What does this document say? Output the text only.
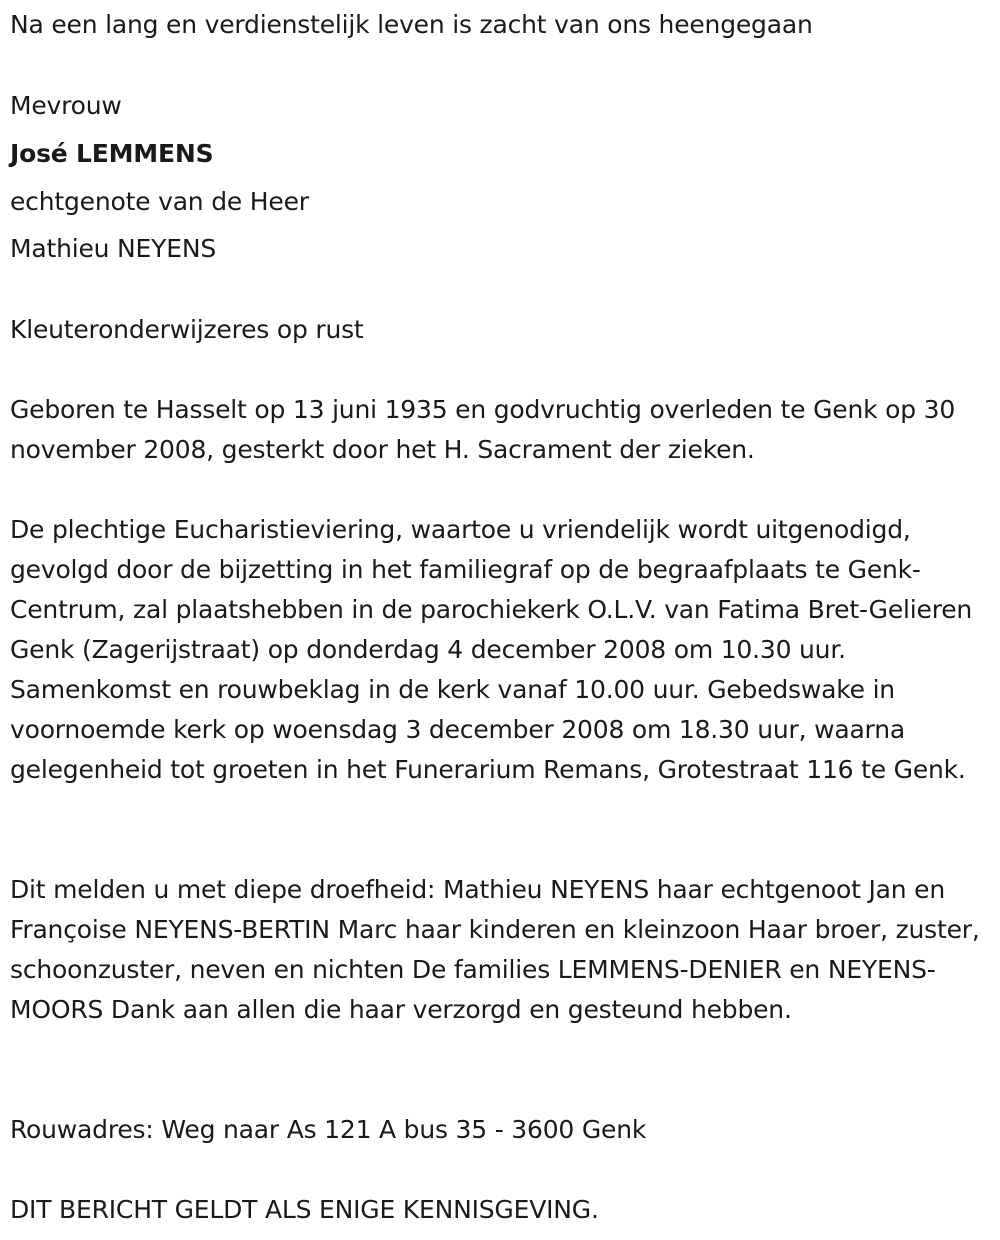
Na een lang en verdienstelijk leven is zacht van ons heengegaan
Mevrouw
José LEMMENS
echtgenote van de Heer
Mathieu NEYENS
Kleuteronderwijzeres op rust
Geboren te Hasselt op 13 juni 1935 en godvruchtig overleden te Genk op 30 november 2008, gesterkt door het H. Sacrament der zieken.
De plechtige Eucharistieviering, waartoe u vriendelijk wordt uitgenodigd, gevolgd door de bijzetting in het familiegraf op de begraafplaats te Genk-Centrum, zal plaatshebben in de parochiekerk O.L.V. van Fatima Bret-Gelieren Genk (Zagerijstraat) op donderdag 4 december 2008 om 10.30 uur. Samenkomst en rouwbeklag in de kerk vanaf 10.00 uur. Gebedswake in voornoemde kerk op woensdag 3 december 2008 om 18.30 uur, waarna gelegenheid tot groeten in het Funerarium Remans, Grotestraat 116 te Genk.
Dit melden u met diepe droefheid: Mathieu NEYENS haar echtgenoot Jan en Françoise NEYENS-BERTIN Marc haar kinderen en kleinzoon Haar broer, zuster, schoonzuster, neven en nichten De families LEMMENS-DENIER en NEYENS-MOORS Dank aan allen die haar verzorgd en gesteund hebben.
Rouwadres: Weg naar As 121 A bus 35 - 3600 Genk
DIT BERICHT GELDT ALS ENIGE KENNISGEVING.
